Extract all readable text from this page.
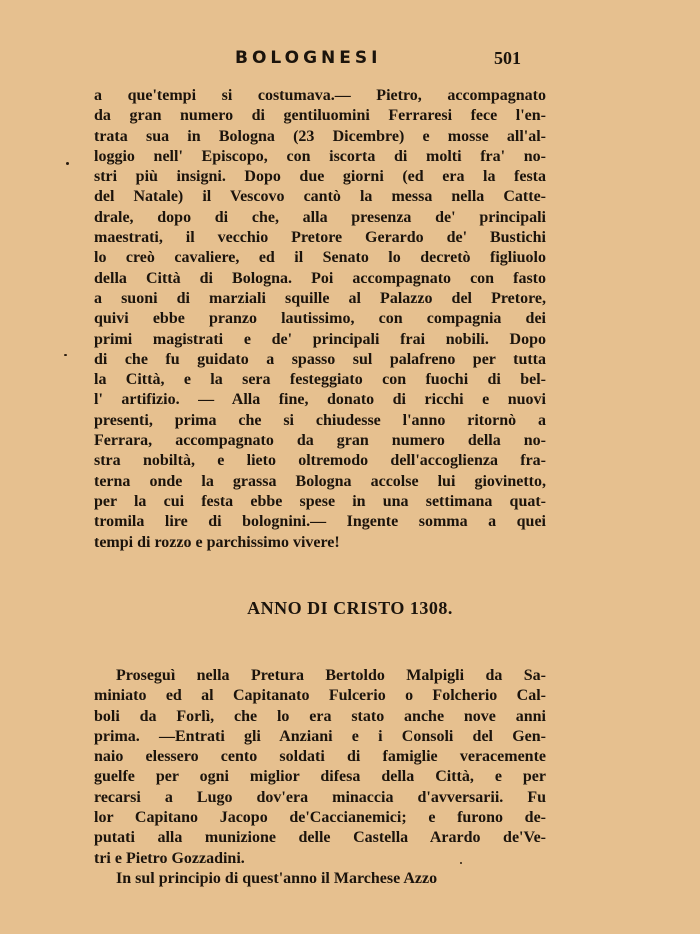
BOLOGNESI	501
a que'tempi si costumava.— Pietro, accompagnato
da gran numero di gentiluomini Ferraresi fece l'en-
trata sua in Bologna (23 Dicembre) e mosse all'al-
loggio nell' Episcopo, con iscorta di molti fra' no-
stri più insigni. Dopo due giorni (ed era la festa
del Natale) il Vescovo cantò la messa nella Catte-
drale, dopo di che, alla presenza de' principali
maestrati, il vecchio Pretore Gerardo de' Bustichi
lo creò cavaliere, ed il Senato lo decretò figliuolo
della Città di Bologna. Poi accompagnato con fasto
a suoni di marziali squille al Palazzo del Pretore,
quivi ebbe pranzo lautissimo, con compagnia dei
primi magistrati e de' principali frai nobili. Dopo
di che fu guidato a spasso sul palafreno per tutta
la Città, e la sera festeggiato con fuochi di bel-
l' artifizio. — Alla fine, donato di ricchi e nuovi
presenti, prima che si chiudesse l'anno ritornò a
Ferrara, accompagnato da gran numero della no-
stra nobiltà, e lieto oltremodo dell'accoglienza fra-
terna onde la grassa Bologna accolse lui giovinetto,
per la cui festa ebbe spese in una settimana quat-
tromila lire di bolognini.— Ingente somma a quei
tempi di rozzo e parchissimo vivere!
ANNO DI CRISTO 1308.
Proseguì nella Pretura Bertoldo Malpigli da Sa-
miniato ed al Capitanato Fulcerio o Folcherio Cal-
boli da Forlì, che lo era stato anche nove anni
prima. —Entrati gli Anziani e i Consoli del Gen-
naio elessero cento soldati di famiglie veracemente
guelfe per ogni miglior difesa della Città, e per
recarsi a Lugo dov'era minaccia d'avversarii. Fu
lor Capitano Jacopo de'Caccianemici; e furono de-
putati alla munizione delle Castella Arardo de'Ve-
tri e Pietro Gozzadini.
In sul principio di quest'anno il Marchese Azzo
